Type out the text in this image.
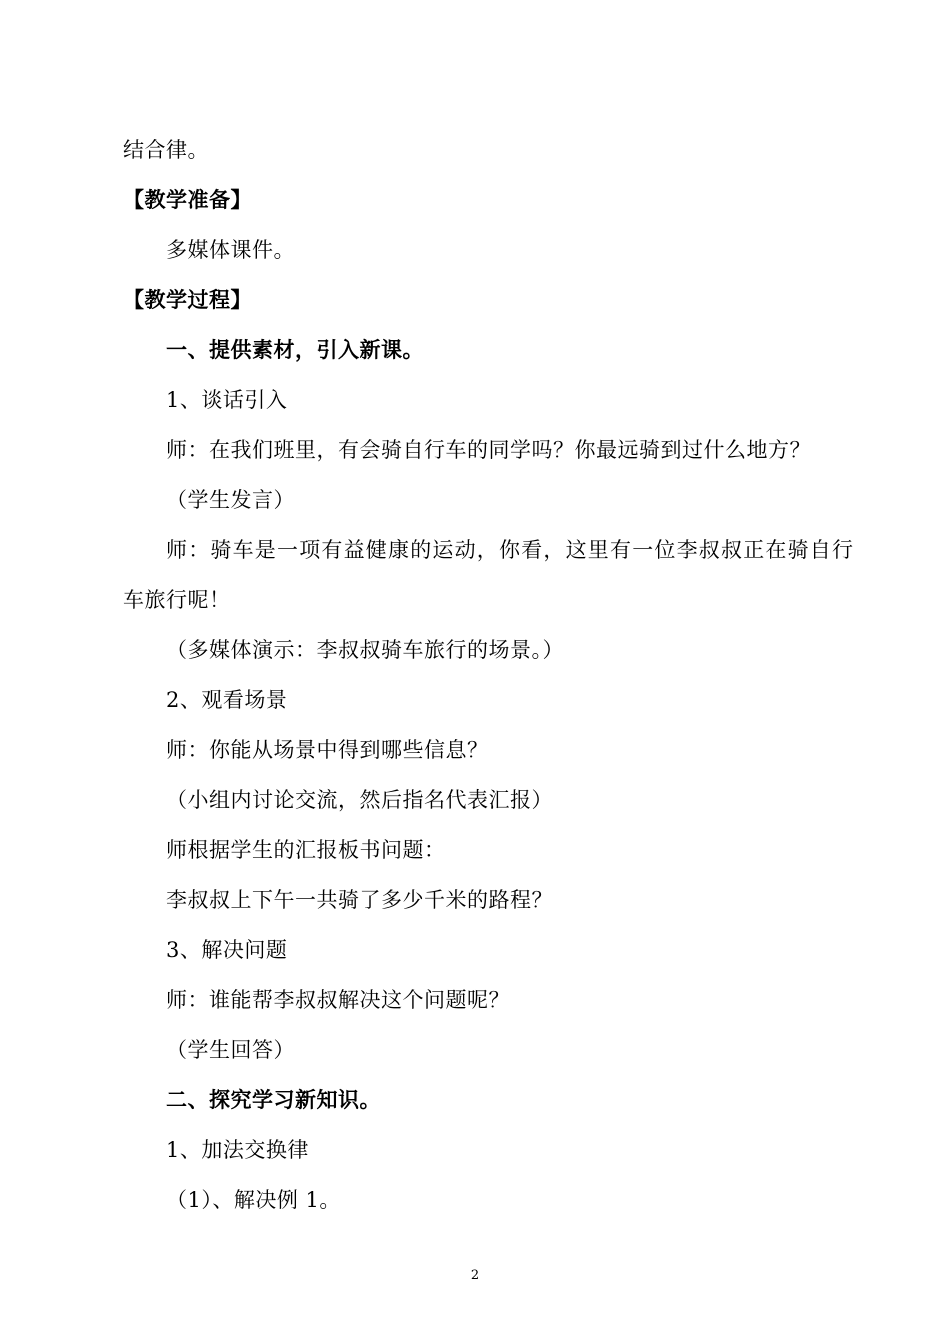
结合律。
【教学准备】
多媒体课件。
【教学过程】
一、提供素材，引入新课。
1、谈话引入
师：在我们班里，有会骑自行车的同学吗？你最远骑到过什么地方？
（学生发言）
师：骑车是一项有益健康的运动，你看，这里有一位李叔叔正在骑自行
车旅行呢！
（多媒体演示：李叔叔骑车旅行的场景。）
2、观看场景
师：你能从场景中得到哪些信息？
（小组内讨论交流，然后指名代表汇报）
师根据学生的汇报板书问题：
李叔叔上下午一共骑了多少千米的路程？
3、解决问题
师：谁能帮李叔叔解决这个问题呢？
（学生回答）
二、探究学习新知识。
1、加法交换律
（1）、解决例 1。
2
